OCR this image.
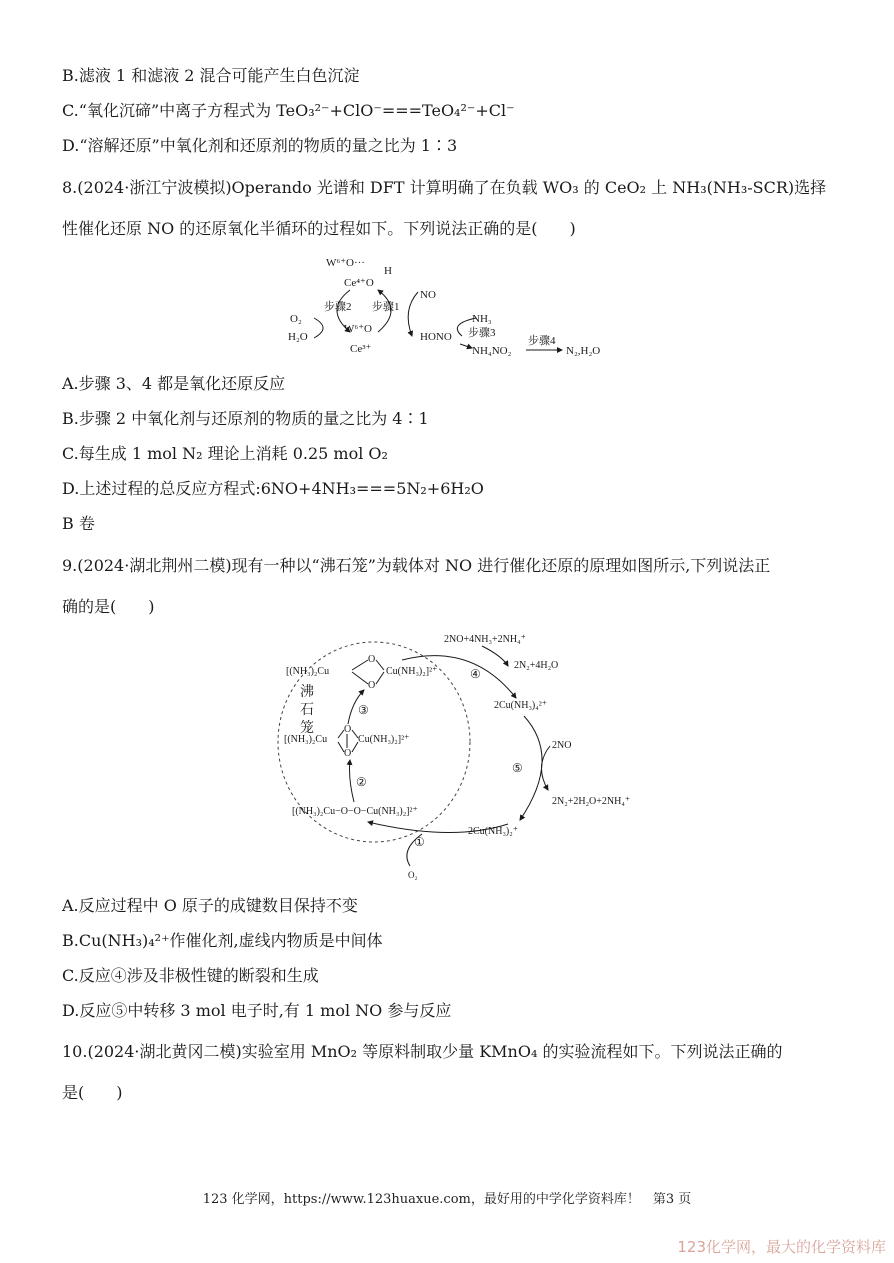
B.滤液 1 和滤液 2 混合可能产生白色沉淀
C.“氧化沉碲”中离子方程式为 TeO₃²⁻+ClO⁻===TeO₄²⁻+Cl⁻
D.“溶解还原”中氧化剂和还原剂的物质的量之比为 1∶3
8.(2024·浙江宁波模拟)Operando 光谱和 DFT 计算明确了在负载 WO₃ 的 CeO₂ 上 NH₃(NH₃-SCR)选择
性催化还原 NO 的还原氧化半循环的过程如下。下列说法正确的是(　　)
W⁶⁺O···
H
Ce⁴⁺O
步骤2 步骤1
NO
O₂
H₂O
W⁶⁺O
Ce³⁺
HONO
NH₃
步骤3
NH₄NO₂
步骤4
N₂,H₂O
A.步骤 3、4 都是氧化还原反应
B.步骤 2 中氧化剂与还原剂的物质的量之比为 4∶1
C.每生成 1 mol N₂ 理论上消耗 0.25 mol O₂
D.上述过程的总反应方程式:6NO+4NH₃===5N₂+6H₂O
B 卷
9.(2024·湖北荆州二模)现有一种以“沸石笼”为载体对 NO 进行催化还原的原理如图所示,下列说法正
确的是(　　)
沸
石
笼
[(NH₃)₂Cu
O
O
Cu(NH₃)₂]²⁺
[(NH₃)₂Cu
O
O
Cu(NH₃)₂]²⁺
③
②
[(NH₃)₂Cu−O−O−Cu(NH₃)₂]²⁺
①
O₂
2Cu(NH₃)₂⁺
2NO+4NH₃+2NH₄⁺
2N₂+4H₂O
④
2Cu(NH₃)₄²⁺
2NO
⑤
2N₂+2H₂O+2NH₄⁺
A.反应过程中 O 原子的成键数目保持不变
B.Cu(NH₃)₄²⁺作催化剂,虚线内物质是中间体
C.反应④涉及非极性键的断裂和生成
D.反应⑤中转移 3 mol 电子时,有 1 mol NO 参与反应
10.(2024·湖北黄冈二模)实验室用 MnO₂ 等原料制取少量 KMnO₄ 的实验流程如下。下列说法正确的
是(　　)
123 化学网，https://www.123huaxue.com，最好用的中学化学资料库！　第3 页
123化学网，最大的化学资料库
